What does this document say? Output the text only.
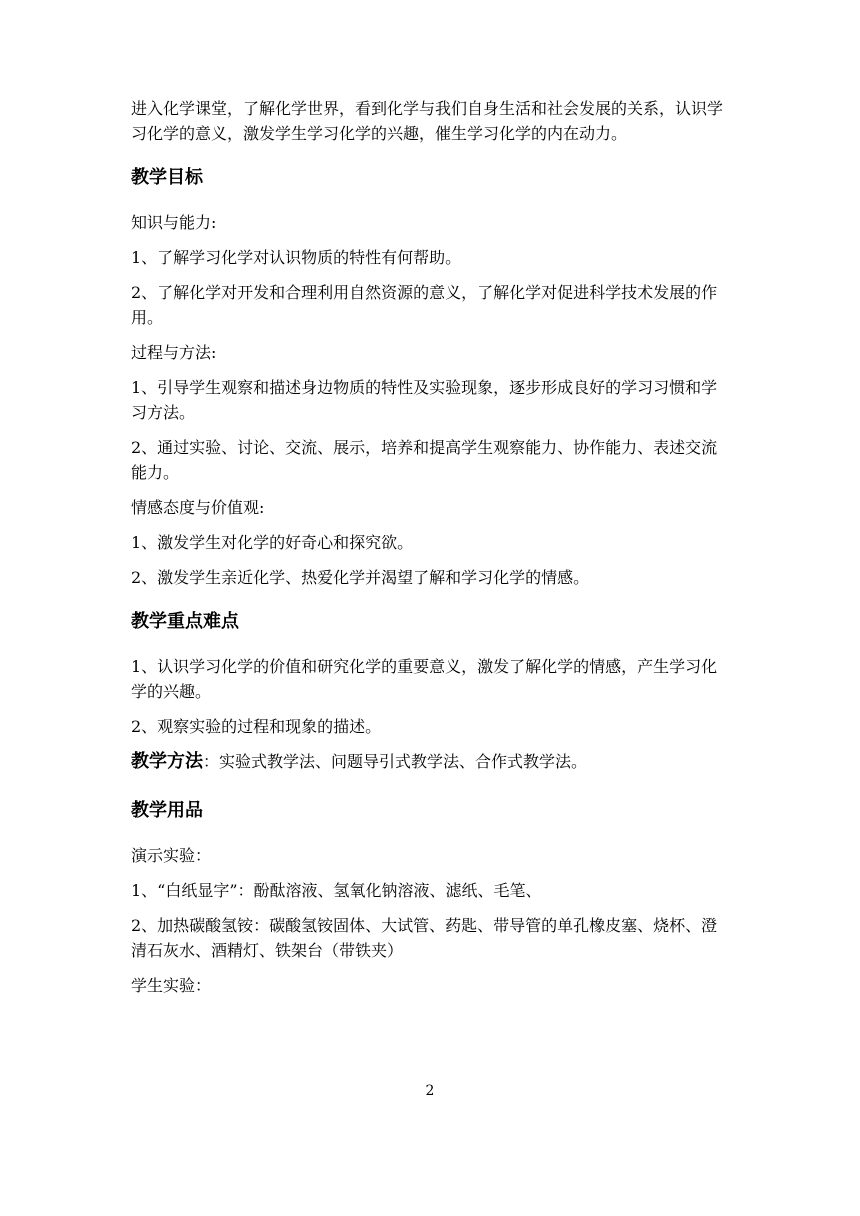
进入化学课堂，了解化学世界，看到化学与我们自身生活和社会发展的关系，认识学习化学的意义，激发学生学习化学的兴趣，催生学习化学的内在动力。

教学目标

知识与能力:

1、了解学习化学对认识物质的特性有何帮助。

2、了解化学对开发和合理利用自然资源的意义，了解化学对促进科学技术发展的作用。

过程与方法:

1、引导学生观察和描述身边物质的特性及实验现象，逐步形成良好的学习习惯和学习方法。

2、通过实验、讨论、交流、展示，培养和提高学生观察能力、协作能力、表述交流能力。

情感态度与价值观:

1、激发学生对化学的好奇心和探究欲。

2、激发学生亲近化学、热爱化学并渴望了解和学习化学的情感。

教学重点难点

1、认识学习化学的价值和研究化学的重要意义，激发了解化学的情感，产生学习化学的兴趣。

2、观察实验的过程和现象的描述。

教学方法：实验式教学法、问题导引式教学法、合作式教学法。

教学用品

演示实验：

1、“白纸显字”：酚酞溶液、氢氧化钠溶液、滤纸、毛笔、

2、加热碳酸氢铵：碳酸氢铵固体、大试管、药匙、带导管的单孔橡皮塞、烧杯、澄清石灰水、酒精灯、铁架台（带铁夹）

学生实验：

2
